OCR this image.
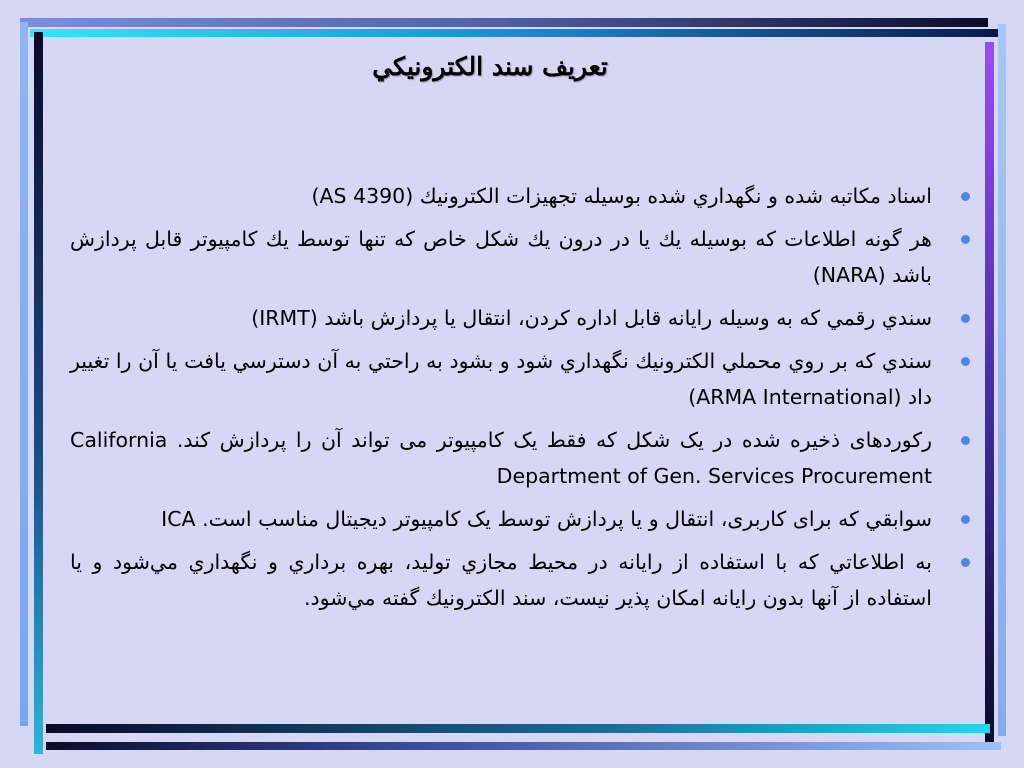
تعريف سند الكترونيكي
اسناد مكاتبه شده و نگهداري شده بوسيله تجهيزات الكترونيك (AS 4390)
هر گونه اطلاعات كه بوسيله يك يا در درون يك شكل خاص كه تنها توسط يك كامپيوتر قابل پردازش باشد (NARA)
سندي رقمي كه به وسيله رايانه قابل اداره كردن، انتقال يا پردازش باشد (IRMT)
سندي كه بر روي محملي الكترونيك نگهداري شود و بشود به راحتي به آن دسترسي يافت يا آن را تغيير داد (ARMA International)
رکوردهای ذخیره شده در یک شکل که فقط یک کامپیوتر می تواند آن را پردازش کند. California Department of Gen. Services Procurement
سوابقي که برای کاربری، انتقال و یا پردازش توسط یک کامپیوتر دیجیتال مناسب است. ICA
به اطلاعاتي كه با استفاده از رايانه در محيط مجازي توليد، بهره برداري و نگهداري مي‌شود و يا استفاده از آنها بدون رايانه امكان پذير نيست، سند الكترونيك گفته مي‌شود.
